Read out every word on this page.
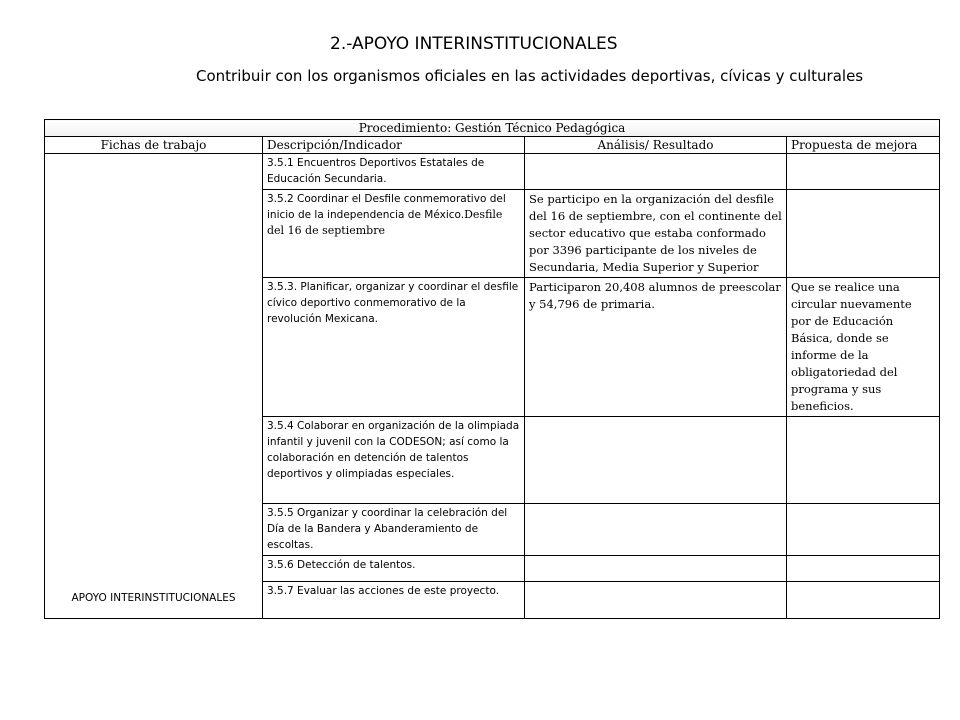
2.-APOYO INTERINSTITUCIONALES
Contribuir con los organismos oficiales en las actividades deportivas, cívicas y culturales
Procedimiento: Gestión Técnico Pedagógica			
Fichas de trabajo	Descripción/Indicador	Análisis/ Resultado	Propuesta de mejora
APOYO INTERINSTITUCIONALES	3.5.1 Encuentros Deportivos Estatales de Educación Secundaria.		
	3.5.2 Coordinar el Desfile conmemorativo del inicio de la independencia de México.Desfile del 16 de septiembre	Se participo en la organización del desfile del 16 de septiembre, con el continente del sector educativo que estaba conformado por 3396 participante de los niveles de Secundaria, Media Superior y Superior	
	3.5.3. Planificar, organizar y coordinar el desfile cívico deportivo conmemorativo de la revolución Mexicana.	Participaron 20,408 alumnos de preescolar y 54,796 de primaria.	Que se realice una circular nuevamente por de Educación Básica, donde se informe de la obligatoriedad del programa y sus beneficios.
	3.5.4 Colaborar en organización de la olimpiada infantil y juvenil con la CODESON; así como la colaboración en detención de talentos deportivos y olimpiadas especiales.		
	3.5.5 Organizar y coordinar la celebración del Día de la Bandera y Abanderamiento de escoltas.		
	3.5.6 Detección de talentos.		
	3.5.7 Evaluar las acciones de este proyecto.		
